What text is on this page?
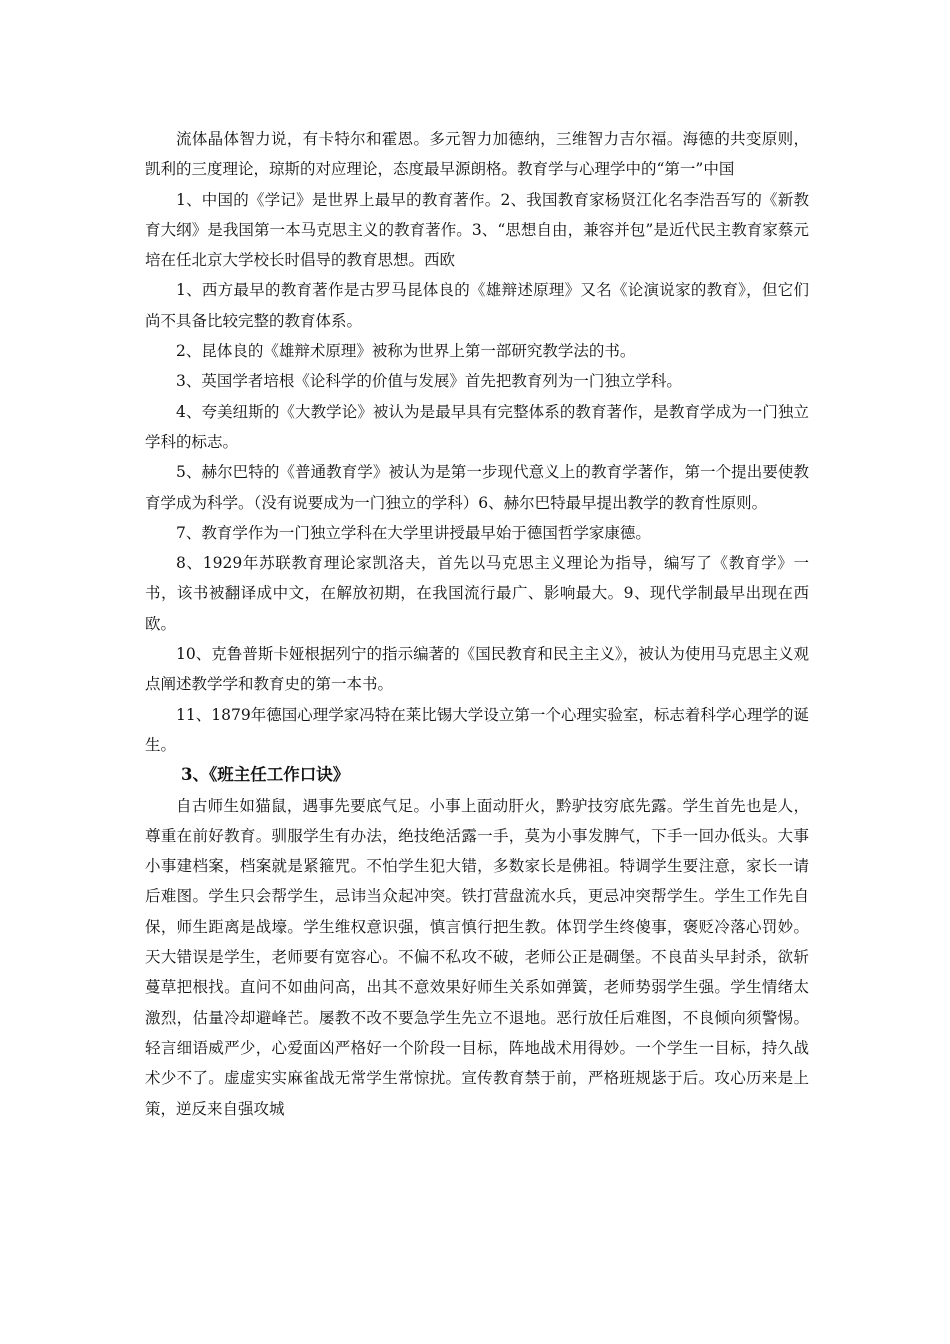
流体晶体智力说，有卡特尔和霍恩。多元智力加德纳，三维智力吉尔福。海德的共变原则，凯利的三度理论，琼斯的对应理论，态度最早源朗格。教育学与心理学中的“第一”中国

1、中国的《学记》是世界上最早的教育著作。2、我国教育家杨贤江化名李浩吾写的《新教育大纲》是我国第一本马克思主义的教育著作。3、“思想自由，兼容并包”是近代民主教育家蔡元培在任北京大学校长时倡导的教育思想。西欧

1、西方最早的教育著作是古罗马昆体良的《雄辩述原理》又名《论演说家的教育》，但它们尚不具备比较完整的教育体系。

2、昆体良的《雄辩术原理》被称为世界上第一部研究教学法的书。

3、英国学者培根《论科学的价值与发展》首先把教育列为一门独立学科。

4、夸美纽斯的《大教学论》被认为是最早具有完整体系的教育著作，是教育学成为一门独立学科的标志。

5、赫尔巴特的《普通教育学》被认为是第一步现代意义上的教育学著作，第一个提出要使教育学成为科学。（没有说要成为一门独立的学科）6、赫尔巴特最早提出教学的教育性原则。

7、教育学作为一门独立学科在大学里讲授最早始于德国哲学家康德。

8、1929年苏联教育理论家凯洛夫，首先以马克思主义理论为指导，编写了《教育学》一书，该书被翻译成中文，在解放初期，在我国流行最广、影响最大。9、现代学制最早出现在西欧。

10、克鲁普斯卡娅根据列宁的指示编著的《国民教育和民主主义》，被认为使用马克思主义观点阐述教学学和教育史的第一本书。

11、1879年德国心理学家冯特在莱比锡大学设立第一个心理实验室，标志着科学心理学的诞生。

3、《班主任工作口诀》

自古师生如猫鼠，遇事先要底气足。小事上面动肝火，黔驴技穷底先露。学生首先也是人，尊重在前好教育。驯服学生有办法，绝技绝活露一手，莫为小事发脾气，下手一回办低头。大事小事建档案，档案就是紧箍咒。不怕学生犯大错，多数家长是佛祖。特调学生要注意，家长一请后难图。学生只会帮学生，忌讳当众起冲突。铁打营盘流水兵，更忌冲突帮学生。学生工作先自保，师生距离是战壕。学生维权意识强，慎言慎行把生教。体罚学生终傻事，褒贬冷落心罚妙。天大错误是学生，老师要有宽容心。不偏不私攻不破，老师公正是碉堡。不良苗头早封杀，欲斩蔓草把根找。直问不如曲问高，出其不意效果好师生关系如弹簧，老师势弱学生强。学生情绪太激烈，估量冷却避峰芒。屡教不改不要急学生先立不退地。恶行放任后难图，不良倾向须警惕。轻言细语威严少，心爱面凶严格好一个阶段一目标，阵地战术用得妙。一个学生一目标，持久战术少不了。虚虚实实麻雀战无常学生常惊扰。宣传教育禁于前，严格班规毖于后。攻心历来是上策，逆反来自强攻城
